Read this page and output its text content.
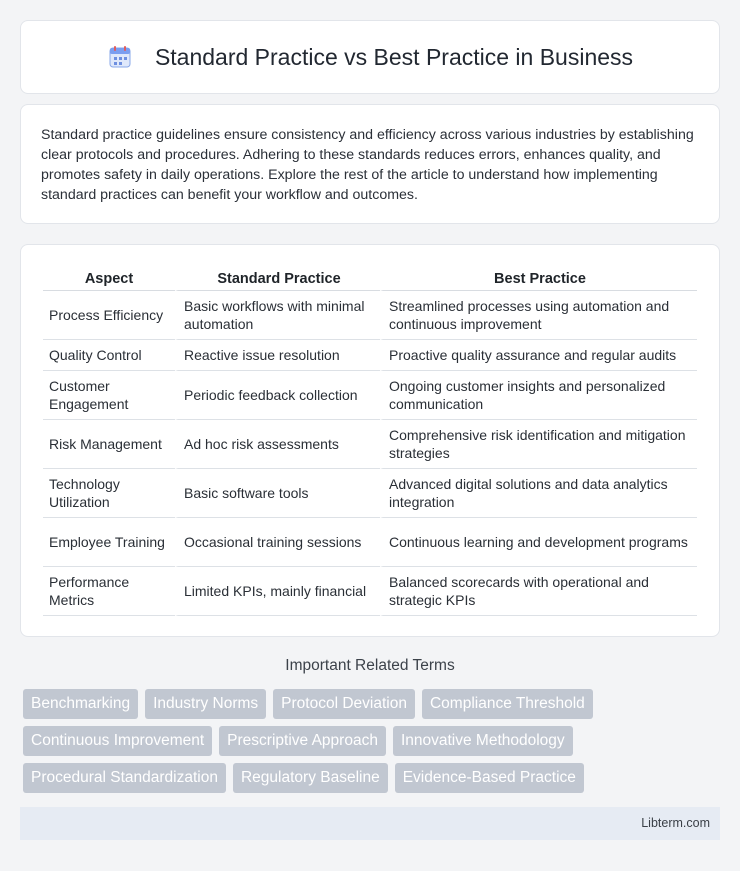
Standard Practice vs Best Practice in Business

Standard practice guidelines ensure consistency and efficiency across various industries by establishing clear protocols and procedures. Adhering to these standards reduces errors, enhances quality, and promotes safety in daily operations. Explore the rest of the article to understand how implementing standard practices can benefit your workflow and outcomes.

Aspect	Standard Practice	Best Practice
Process Efficiency	Basic workflows with minimal automation	Streamlined processes using automation and continuous improvement
Quality Control	Reactive issue resolution	Proactive quality assurance and regular audits
Customer Engagement	Periodic feedback collection	Ongoing customer insights and personalized communication
Risk Management	Ad hoc risk assessments	Comprehensive risk identification and mitigation strategies
Technology Utilization	Basic software tools	Advanced digital solutions and data analytics integration
Employee Training	Occasional training sessions	Continuous learning and development programs
Performance Metrics	Limited KPIs, mainly financial	Balanced scorecards with operational and strategic KPIs
Important Related Terms
Benchmarking	Industry Norms	Protocol Deviation	Compliance Threshold
Continuous Improvement	Prescriptive Approach	Innovative Methodology
Procedural Standardization	Regulatory Baseline	Evidence-Based Practice
Libterm.com
